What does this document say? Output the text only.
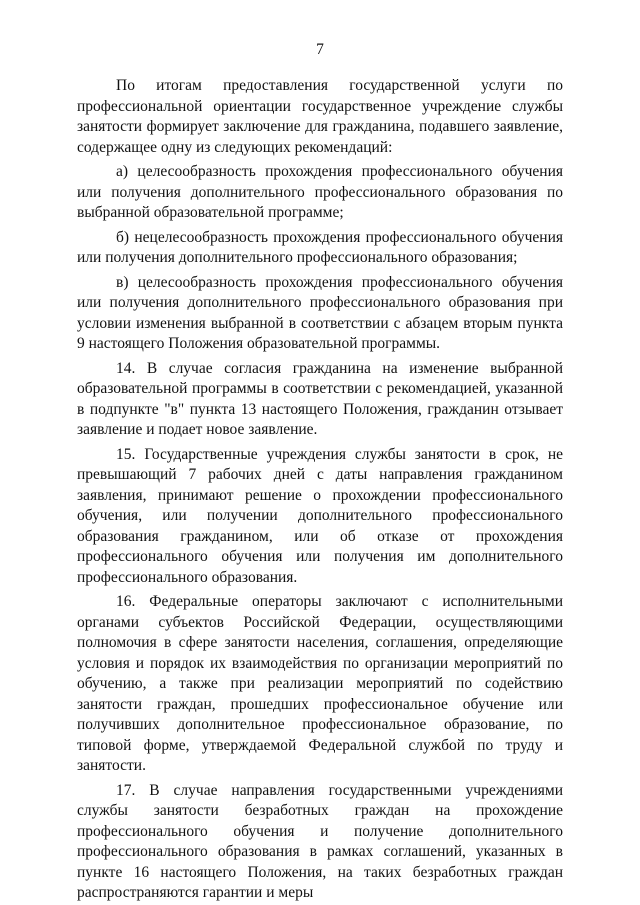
7

По итогам предоставления государственной услуги по профессиональной ориентации государственное учреждение службы занятости формирует заключение для гражданина, подавшего заявление, содержащее одну из следующих рекомендаций:

а) целесообразность прохождения профессионального обучения или получения дополнительного профессионального образования по выбранной образовательной программе;

б) нецелесообразность прохождения профессионального обучения или получения дополнительного профессионального образования;

в) целесообразность прохождения профессионального обучения или получения дополнительного профессионального образования при условии изменения выбранной в соответствии с абзацем вторым пункта 9 настоящего Положения образовательной программы.

14. В случае согласия гражданина на изменение выбранной образовательной программы в соответствии с рекомендацией, указанной в подпункте "в" пункта 13 настоящего Положения, гражданин отзывает заявление и подает новое заявление.

15. Государственные учреждения службы занятости в срок, не превышающий 7 рабочих дней с даты направления гражданином заявления, принимают решение о прохождении профессионального обучения, или получении дополнительного профессионального образования гражданином, или об отказе от прохождения профессионального обучения или получения им дополнительного профессионального образования.

16. Федеральные операторы заключают с исполнительными органами субъектов Российской Федерации, осуществляющими полномочия в сфере занятости населения, соглашения, определяющие условия и порядок их взаимодействия по организации мероприятий по обучению, а также при реализации мероприятий по содействию занятости граждан, прошедших профессиональное обучение или получивших дополнительное профессиональное образование, по типовой форме, утверждаемой Федеральной службой по труду и занятости.

17. В случае направления государственными учреждениями службы занятости безработных граждан на прохождение профессионального обучения и получение дополнительного профессионального образования в рамках соглашений, указанных в пункте 16 настоящего Положения, на таких безработных граждан распространяются гарантии и меры
